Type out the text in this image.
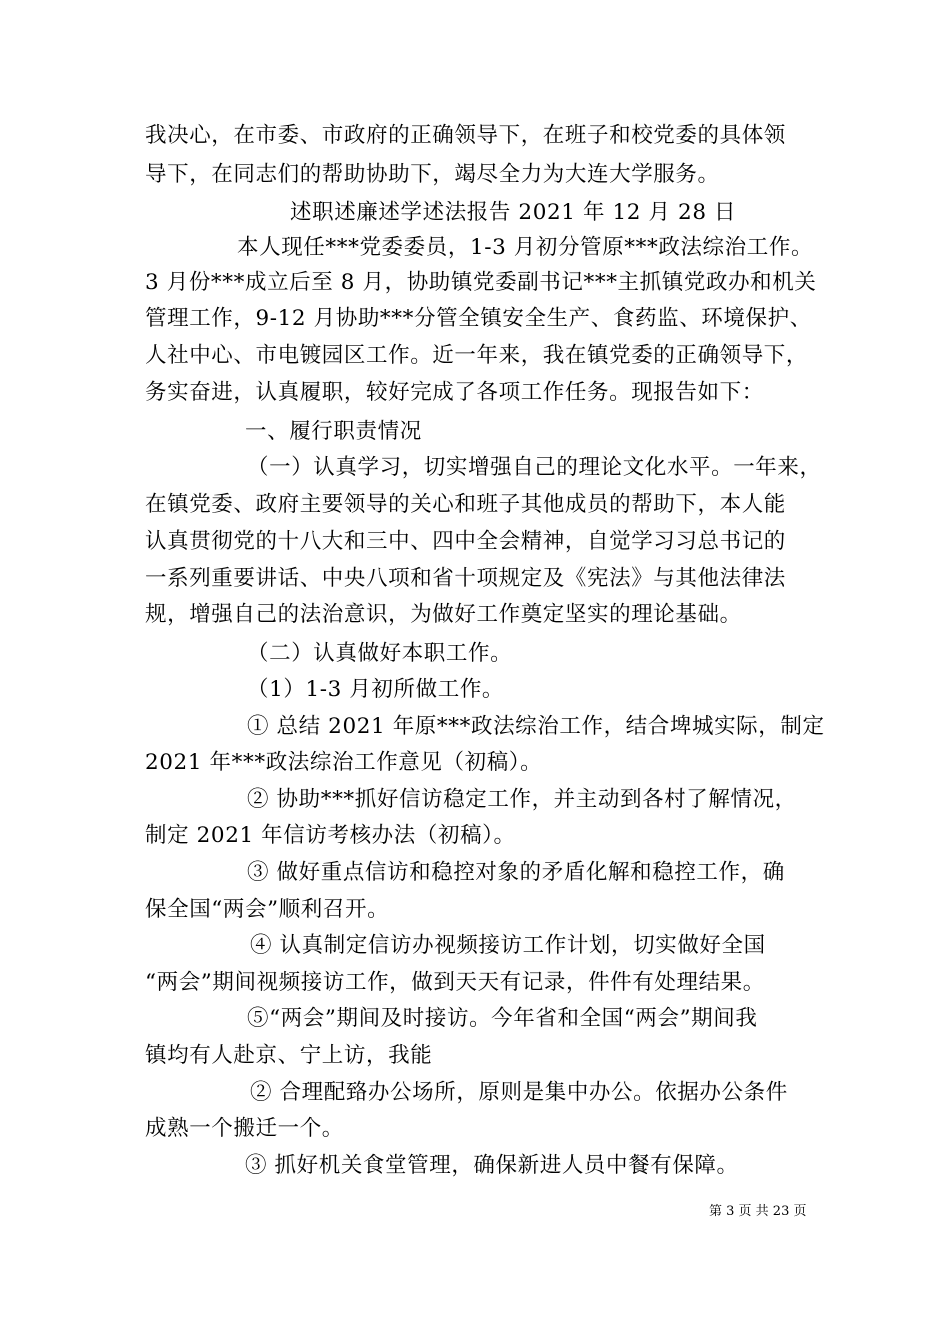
我决心，在市委、市政府的正确领导下，在班子和校党委的具体领
导下，在同志们的帮助协助下，竭尽全力为大连大学服务。
述职述廉述学述法报告 2021 年 12 月 28 日
本人现任***党委委员，1-3 月初分管原***政法综治工作。
3 月份***成立后至 8 月，协助镇党委副书记***主抓镇党政办和机关
管理工作，9-12 月协助***分管全镇安全生产、食药监、环境保护、
人社中心、市电镀园区工作。近一年来，我在镇党委的正确领导下，
务实奋进，认真履职，较好完成了各项工作任务。现报告如下：
一、履行职责情况
（一）认真学习，切实增强自己的理论文化水平。一年来，
在镇党委、政府主要领导的关心和班子其他成员的帮助下，本人能
认真贯彻党的十八大和三中、四中全会精神，自觉学习习总书记的
一系列重要讲话、中央八项和省十项规定及《宪法》与其他法律法
规，增强自己的法治意识，为做好工作奠定坚实的理论基础。
（二）认真做好本职工作。
（1）1-3 月初所做工作。
① 总结 2021 年原***政法综治工作，结合埤城实际，制定
2021 年***政法综治工作意见（初稿）。
② 协助***抓好信访稳定工作，并主动到各村了解情况，
制定 2021 年信访考核办法（初稿）。
③ 做好重点信访和稳控对象的矛盾化解和稳控工作，确
保全国“两会”顺利召开。
④ 认真制定信访办视频接访工作计划，切实做好全国
“两会”期间视频接访工作，做到天天有记录，件件有处理结果。
⑤“两会”期间及时接访。今年省和全国“两会”期间我
镇均有人赴京、宁上访，我能
② 合理配臵办公场所，原则是集中办公。依据办公条件
成熟一个搬迁一个。
③ 抓好机关食堂管理，确保新进人员中餐有保障。
第 3 页 共 23 页
